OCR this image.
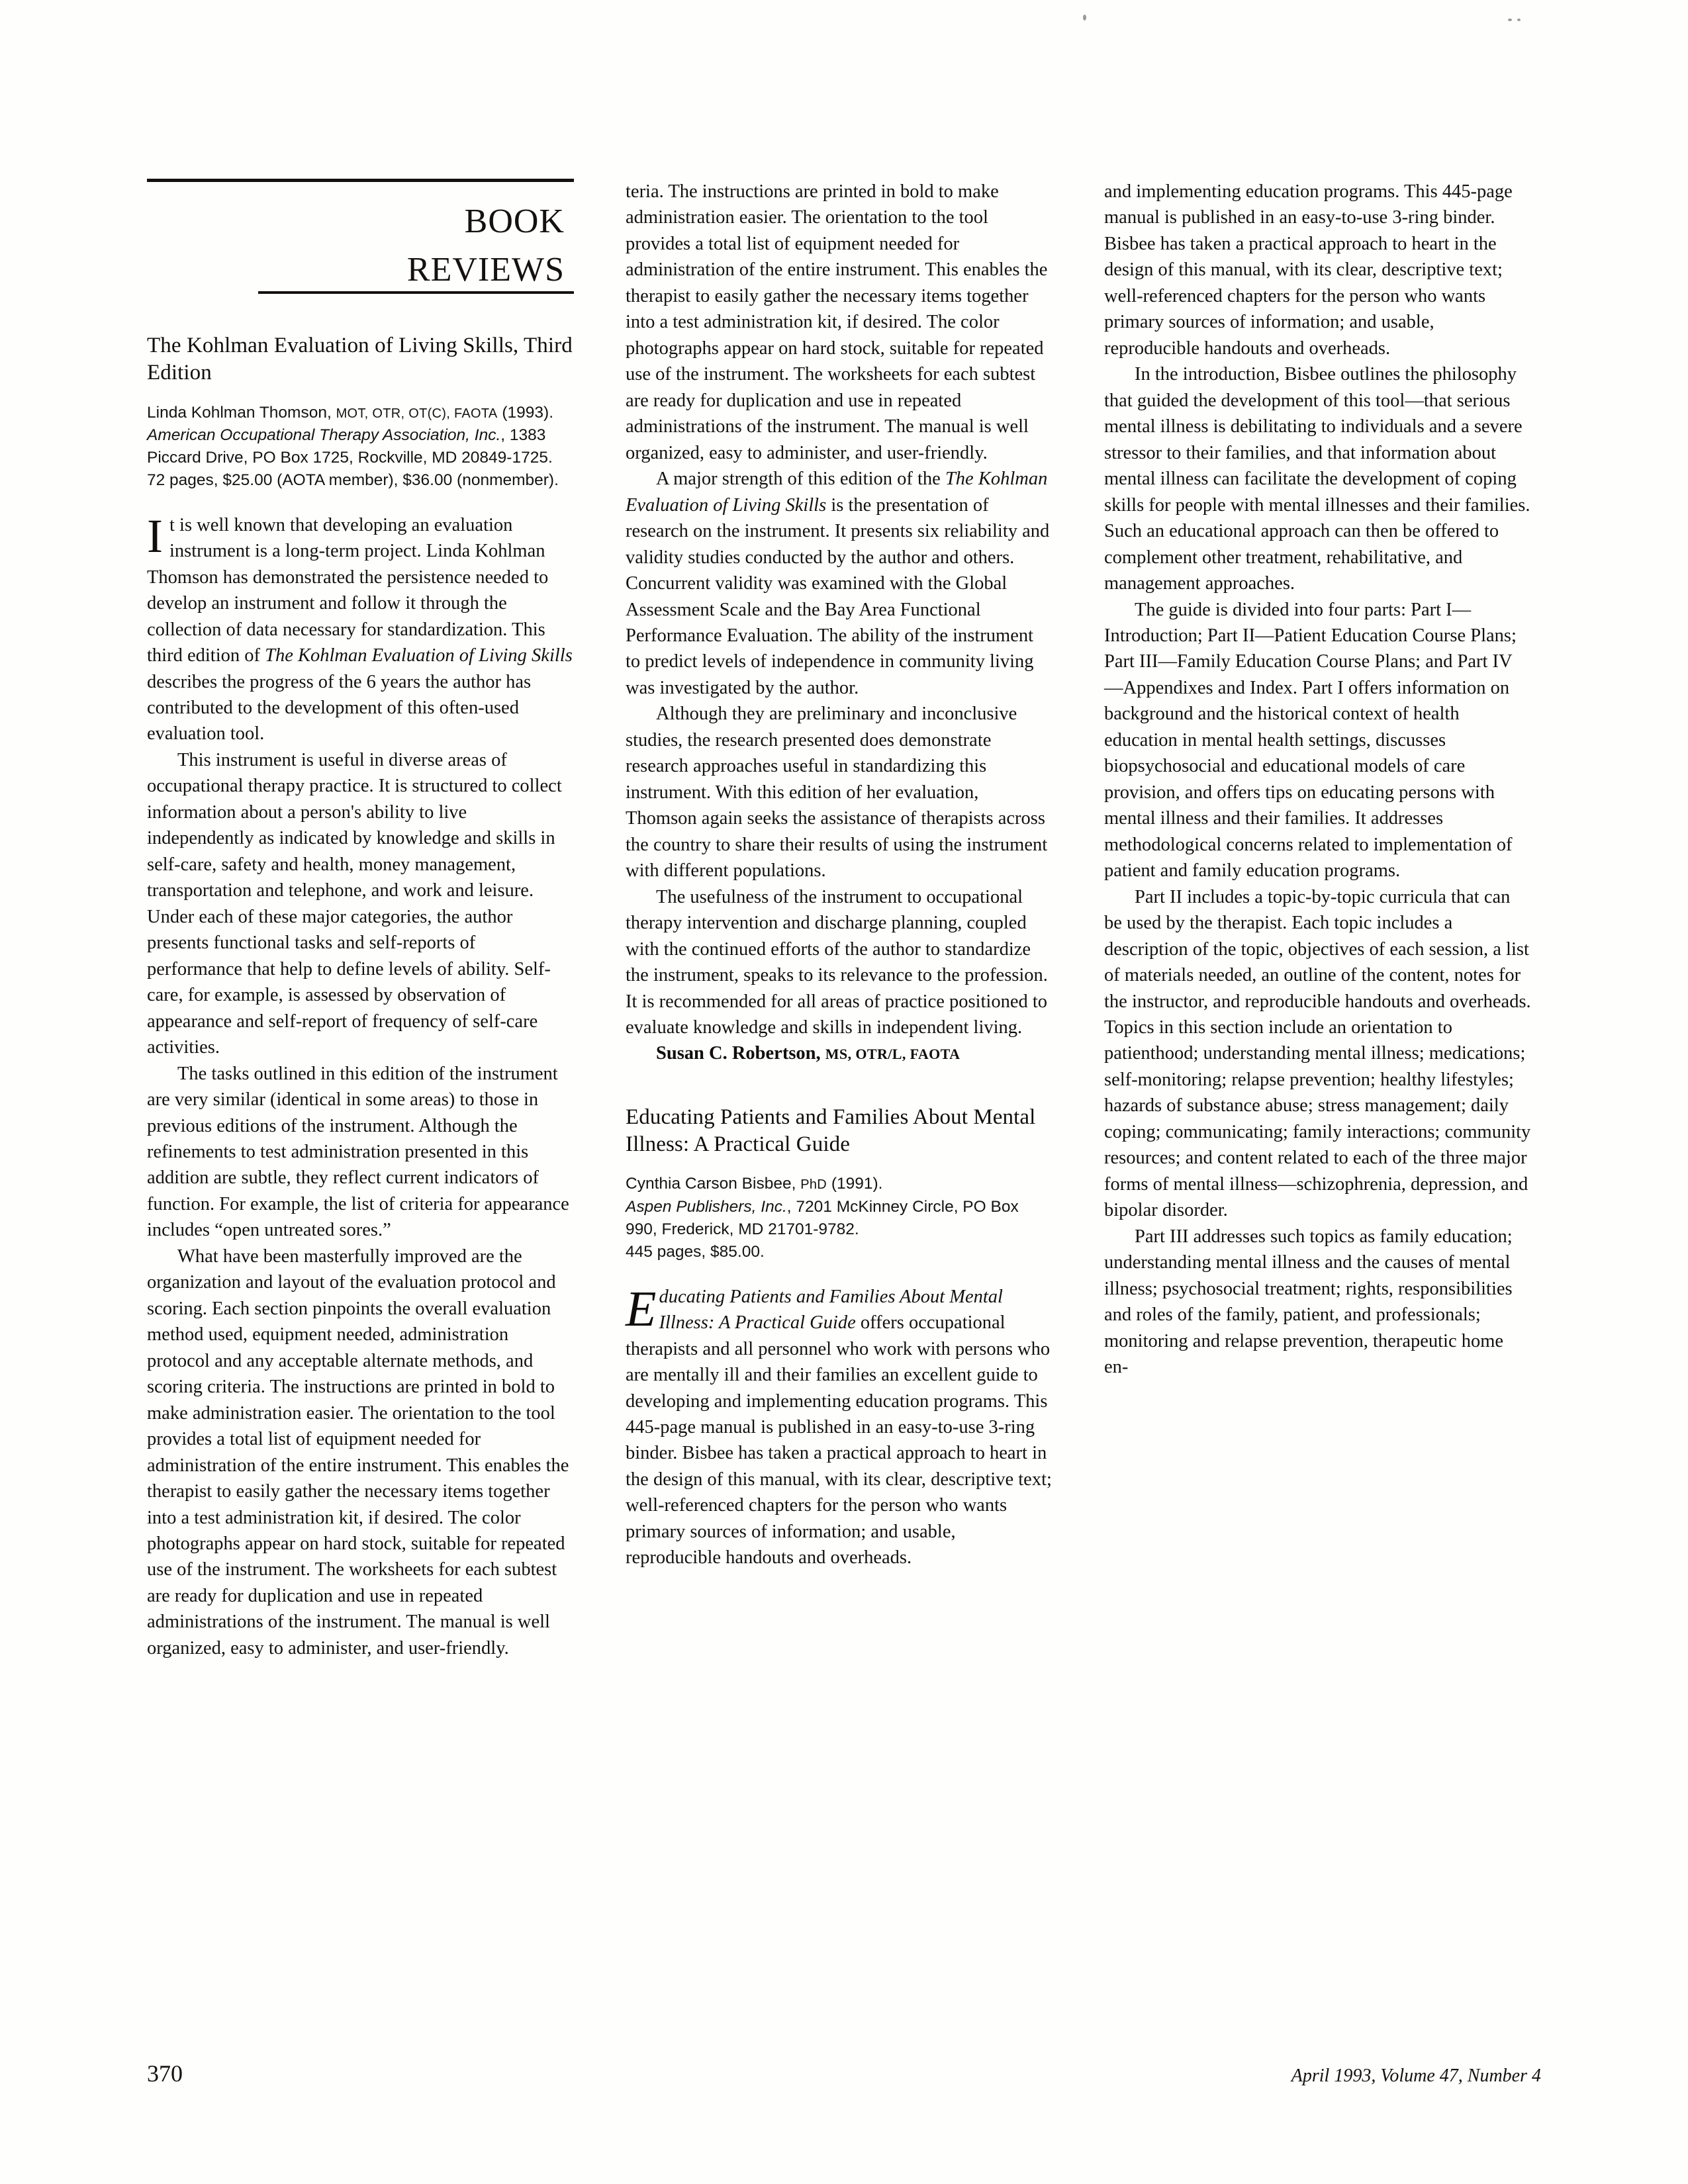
book
reviews
The Kohlman Evaluation of Living Skills, Third Edition
Linda Kohlman Thomson, MOT, OTR, OT(C), FAOTA (1993).
American Occupational Therapy Association, Inc., 1383 Piccard Drive, PO Box 1725, Rockville, MD 20849-1725.
72 pages, $25.00 (AOTA member), $36.00 (nonmember).

It is well known that developing an evaluation instrument is a long-term project. Linda Kohlman Thomson has demonstrated the persistence needed to develop an instrument and follow it through the collection of data necessary for standardization. This third edition of The Kohlman Evaluation of Living Skills describes the progress of the 6 years the author has contributed to the development of this often-used evaluation tool.

This instrument is useful in diverse areas of occupational therapy practice. It is structured to collect information about a person's ability to live independently as indicated by knowledge and skills in self-care, safety and health, money management, transportation and telephone, and work and leisure. Under each of these major categories, the author presents functional tasks and self-reports of performance that help to define levels of ability. Self-care, for example, is assessed by observation of appearance and self-report of frequency of self-care activities.

The tasks outlined in this edition of the instrument are very similar (identical in some areas) to those in previous editions of the instrument. Although the refinements to test administration presented in this addition are subtle, they reflect current indicators of function. For example, the list of criteria for appearance includes “open untreated sores.”

What have been masterfully improved are the organization and layout of the evaluation protocol and scoring. Each section pinpoints the overall evaluation method used, equipment needed, administration protocol and any acceptable alternate methods, and scoring criteria. The instructions are printed in bold to make administration easier. The orientation to the tool provides a total list of equipment needed for administration of the entire instrument. This enables the therapist to easily gather the necessary items together into a test administration kit, if desired. The color photographs appear on hard stock, suitable for repeated use of the instrument. The worksheets for each subtest are ready for duplication and use in repeated administrations of the instrument. The manual is well organized, easy to administer, and user-friendly.

teria. The instructions are printed in bold to make administration easier. The orientation to the tool provides a total list of equipment needed for administration of the entire instrument. This enables the therapist to easily gather the necessary items together into a test administration kit, if desired. The color photographs appear on hard stock, suitable for repeated use of the instrument. The worksheets for each subtest are ready for duplication and use in repeated administrations of the instrument. The manual is well organized, easy to administer, and user-friendly.

A major strength of this edition of the The Kohlman Evaluation of Living Skills is the presentation of research on the instrument. It presents six reliability and validity studies conducted by the author and others. Concurrent validity was examined with the Global Assessment Scale and the Bay Area Functional Performance Evaluation. The ability of the instrument to predict levels of independence in community living was investigated by the author.

Although they are preliminary and inconclusive studies, the research presented does demonstrate research approaches useful in standardizing this instrument. With this edition of her evaluation, Thomson again seeks the assistance of therapists across the country to share their results of using the instrument with different populations.

The usefulness of the instrument to occupational therapy intervention and discharge planning, coupled with the continued efforts of the author to standardize the instrument, speaks to its relevance to the profession. It is recommended for all areas of practice positioned to evaluate knowledge and skills in independent living.

Susan C. Robertson, MS, OTR/L, FAOTA

Educating Patients and Families About Mental Illness: A Practical Guide
Cynthia Carson Bisbee, PhD (1991).
Aspen Publishers, Inc., 7201 McKinney Circle, PO Box 990, Frederick, MD 21701-9782.
445 pages, $85.00.

Educating Patients and Families About Mental Illness: A Practical Guide offers occupational therapists and all personnel who work with persons who are mentally ill and their families an excellent guide to developing and implementing education programs. This 445-page manual is published in an easy-to-use 3-ring binder. Bisbee has taken a practical approach to heart in the design of this manual, with its clear, descriptive text; well-referenced chapters for the person who wants primary sources of information; and usable, reproducible handouts and overheads.

and implementing education programs. This 445-page manual is published in an easy-to-use 3-ring binder. Bisbee has taken a practical approach to heart in the design of this manual, with its clear, descriptive text; well-referenced chapters for the person who wants primary sources of information; and usable, reproducible handouts and overheads.

In the introduction, Bisbee outlines the philosophy that guided the development of this tool—that serious mental illness is debilitating to individuals and a severe stressor to their families, and that information about mental illness can facilitate the development of coping skills for people with mental illnesses and their families. Such an educational approach can then be offered to complement other treatment, rehabilitative, and management approaches.

The guide is divided into four parts: Part I—Introduction; Part II—Patient Education Course Plans; Part III—Family Education Course Plans; and Part IV—Appendixes and Index. Part I offers information on background and the historical context of health education in mental health settings, discusses biopsychosocial and educational models of care provision, and offers tips on educating persons with mental illness and their families. It addresses methodological concerns related to implementation of patient and family education programs.

Part II includes a topic-by-topic curricula that can be used by the therapist. Each topic includes a description of the topic, objectives of each session, a list of materials needed, an outline of the content, notes for the instructor, and reproducible handouts and overheads. Topics in this section include an orientation to patienthood; understanding mental illness; medications; self-monitoring; relapse prevention; healthy lifestyles; hazards of substance abuse; stress management; daily coping; communicating; family interactions; community resources; and content related to each of the three major forms of mental illness—schizophrenia, depression, and bipolar disorder.

Part III addresses such topics as family education; understanding mental illness and the causes of mental illness; psychosocial treatment; rights, responsibilities and roles of the family, patient, and professionals; monitoring and relapse prevention, therapeutic home en-

370	April 1993, Volume 47, Number 4
